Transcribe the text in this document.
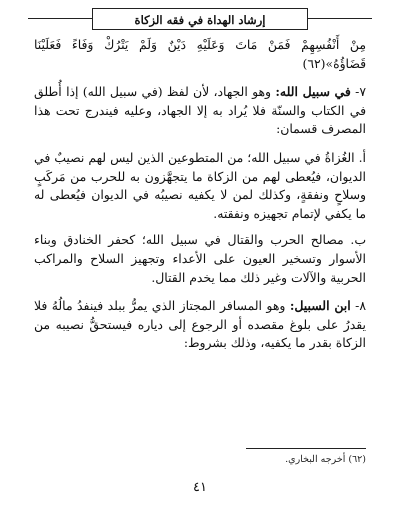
إرشاد الهداة في فقه الزكاة

مِنْ أَنْفُسِهِمْ فَمَنْ مَاتَ وَعَلَيْهِ دَيْنٌ وَلَمْ يَتْرُكْ وَفَاءً فَعَلَيْنَا قَضَاؤُهُ»(٦٢)

٧- في سبيل الله: وهو الجهاد، لأن لفظ (في سبيل الله) إذا أُطلق في الكتاب والسنّة فلا يُراد به إلا الجهاد، وعليه فيندرج تحت هذا المصرف قسمان:

أ. الغُزاةُ في سبيل الله؛ من المتطوعين الذين ليس لهم نصيبٌ في الديوان، فيُعطى لهم من الزكاة ما يتجهَّزون به للحرب من مَركَبٍ وسلاحٍ ونفقةٍ، وكذلك لمن لا يكفيه نصيبُه في الديوان فيُعطى له ما يكفي لإتمام تجهيزه ونفقته.

ب. مصالح الحرب والقتال في سبيل الله؛ كحفر الخنادق وبناء الأسوار وتسخير العيون على الأعداء وتجهيز السلاح والمراكب الحربية والآلات وغير ذلك مما يخدم القتال.

٨- ابن السبيل: وهو المسافر المجتاز الذي يمرُّ ببلد فينفدُ مالُهُ فلا يقدرُ على بلوغ مقصده أو الرجوع إلى دياره فيستحقُّ نصيبه من الزكاة بقدر ما يكفيه، وذلك بشروط:

(٦٢) أخرجه البخاري.
٤١
